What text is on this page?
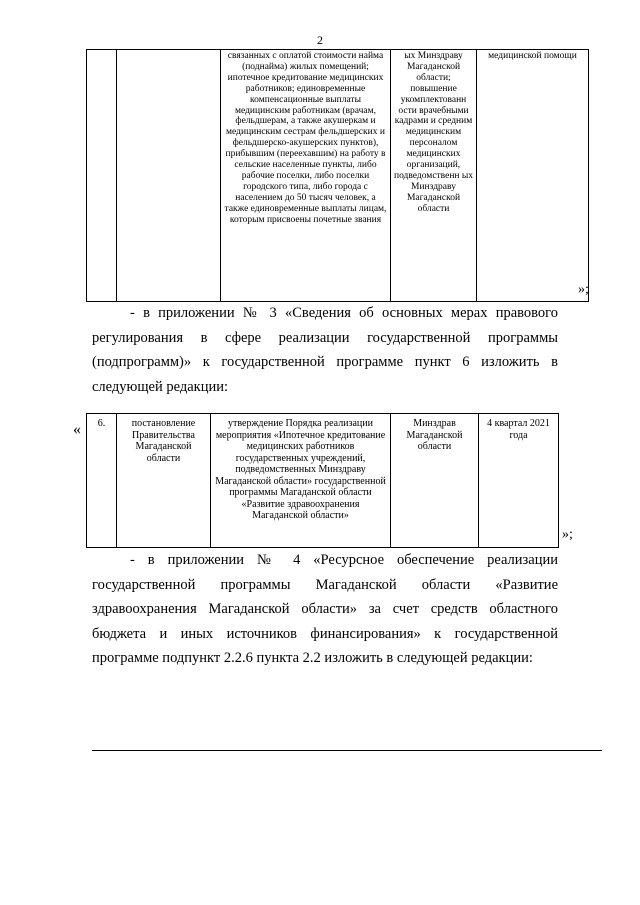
2
		связанных с оплатой стоимости найма (поднайма) жилых помещений; ипотечное кредитование медицинских работников; единовременные компенсационные выплаты медицинским работникам (врачам, фельдшерам, а также акушеркам и медицинским сестрам фельдшерских и фельдшерско-акушерских пунктов), прибывшим (переехавшим) на работу в сельские населенные пункты, либо рабочие поселки, либо поселки городского типа, либо города с населением до 50 тысяч человек, а также единовременные выплаты лицам, которым присвоены почетные звания	ых Минздраву Магаданской области; повышение укомплектованн ости врачебными кадрами и средним медицинским персоналом медицинских организаций, подведомственн ых Минздраву Магаданской области	медицинской помощи
»;
- в приложении № 3 «Сведения об основных мерах правового регулирования в сфере реализации государственной программы (подпрограмм)» к государственной программе пункт 6 изложить в следующей редакции:
« 6.	постановление Правительства Магаданской области	утверждение Порядка реализации мероприятия «Ипотечное кредитование медицинских работников государственных учреждений, подведомственных Минздраву Магаданской области» государственной программы Магаданской области «Развитие здравоохранения Магаданской области»	Минздрав Магаданской области	4 квартал 2021 года
»;
- в приложении № 4 «Ресурсное обеспечение реализации государственной программы Магаданской области «Развитие здравоохранения Магаданской области» за счет средств областного бюджета и иных источников финансирования» к государственной программе подпункт 2.2.6 пункта 2.2 изложить в следующей редакции:
